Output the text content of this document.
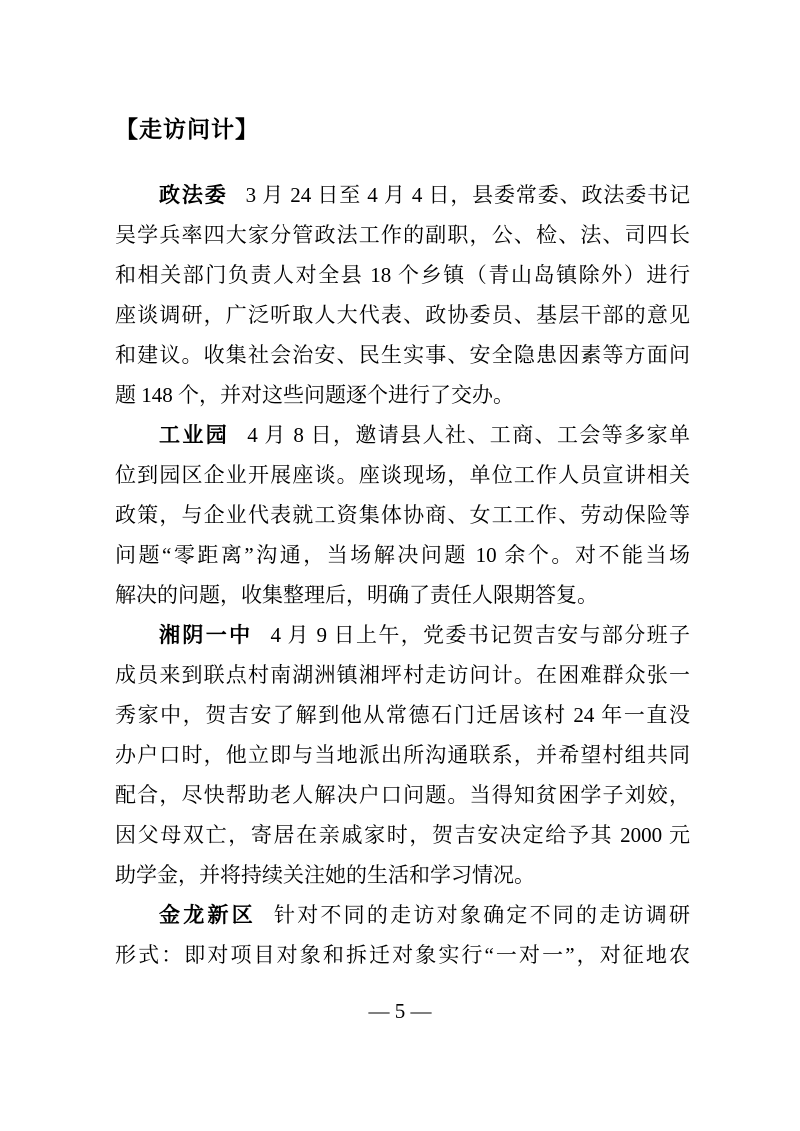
【走访问计】
政法委 3 月 24 日至 4 月 4 日，县委常委、政法委书记
吴学兵率四大家分管政法工作的副职，公、检、法、司四长
和相关部门负责人对全县 18 个乡镇（青山岛镇除外）进行
座谈调研，广泛听取人大代表、政协委员、基层干部的意见
和建议。收集社会治安、民生实事、安全隐患因素等方面问
题 148 个，并对这些问题逐个进行了交办。
工业园 4 月 8 日，邀请县人社、工商、工会等多家单
位到园区企业开展座谈。座谈现场，单位工作人员宣讲相关
政策，与企业代表就工资集体协商、女工工作、劳动保险等
问题“零距离”沟通，当场解决问题 10 余个。对不能当场
解决的问题，收集整理后，明确了责任人限期答复。
湘阴一中 4 月 9 日上午，党委书记贺吉安与部分班子
成员来到联点村南湖洲镇湘坪村走访问计。在困难群众张一
秀家中，贺吉安了解到他从常德石门迁居该村 24 年一直没
办户口时，他立即与当地派出所沟通联系，并希望村组共同
配合，尽快帮助老人解决户口问题。当得知贫困学子刘姣，
因父母双亡，寄居在亲戚家时，贺吉安决定给予其 2000 元
助学金，并将持续关注她的生活和学习情况。
金龙新区 针对不同的走访对象确定不同的走访调研
形式：即对项目对象和拆迁对象实行“一对一”，对征地农
— 5 —
